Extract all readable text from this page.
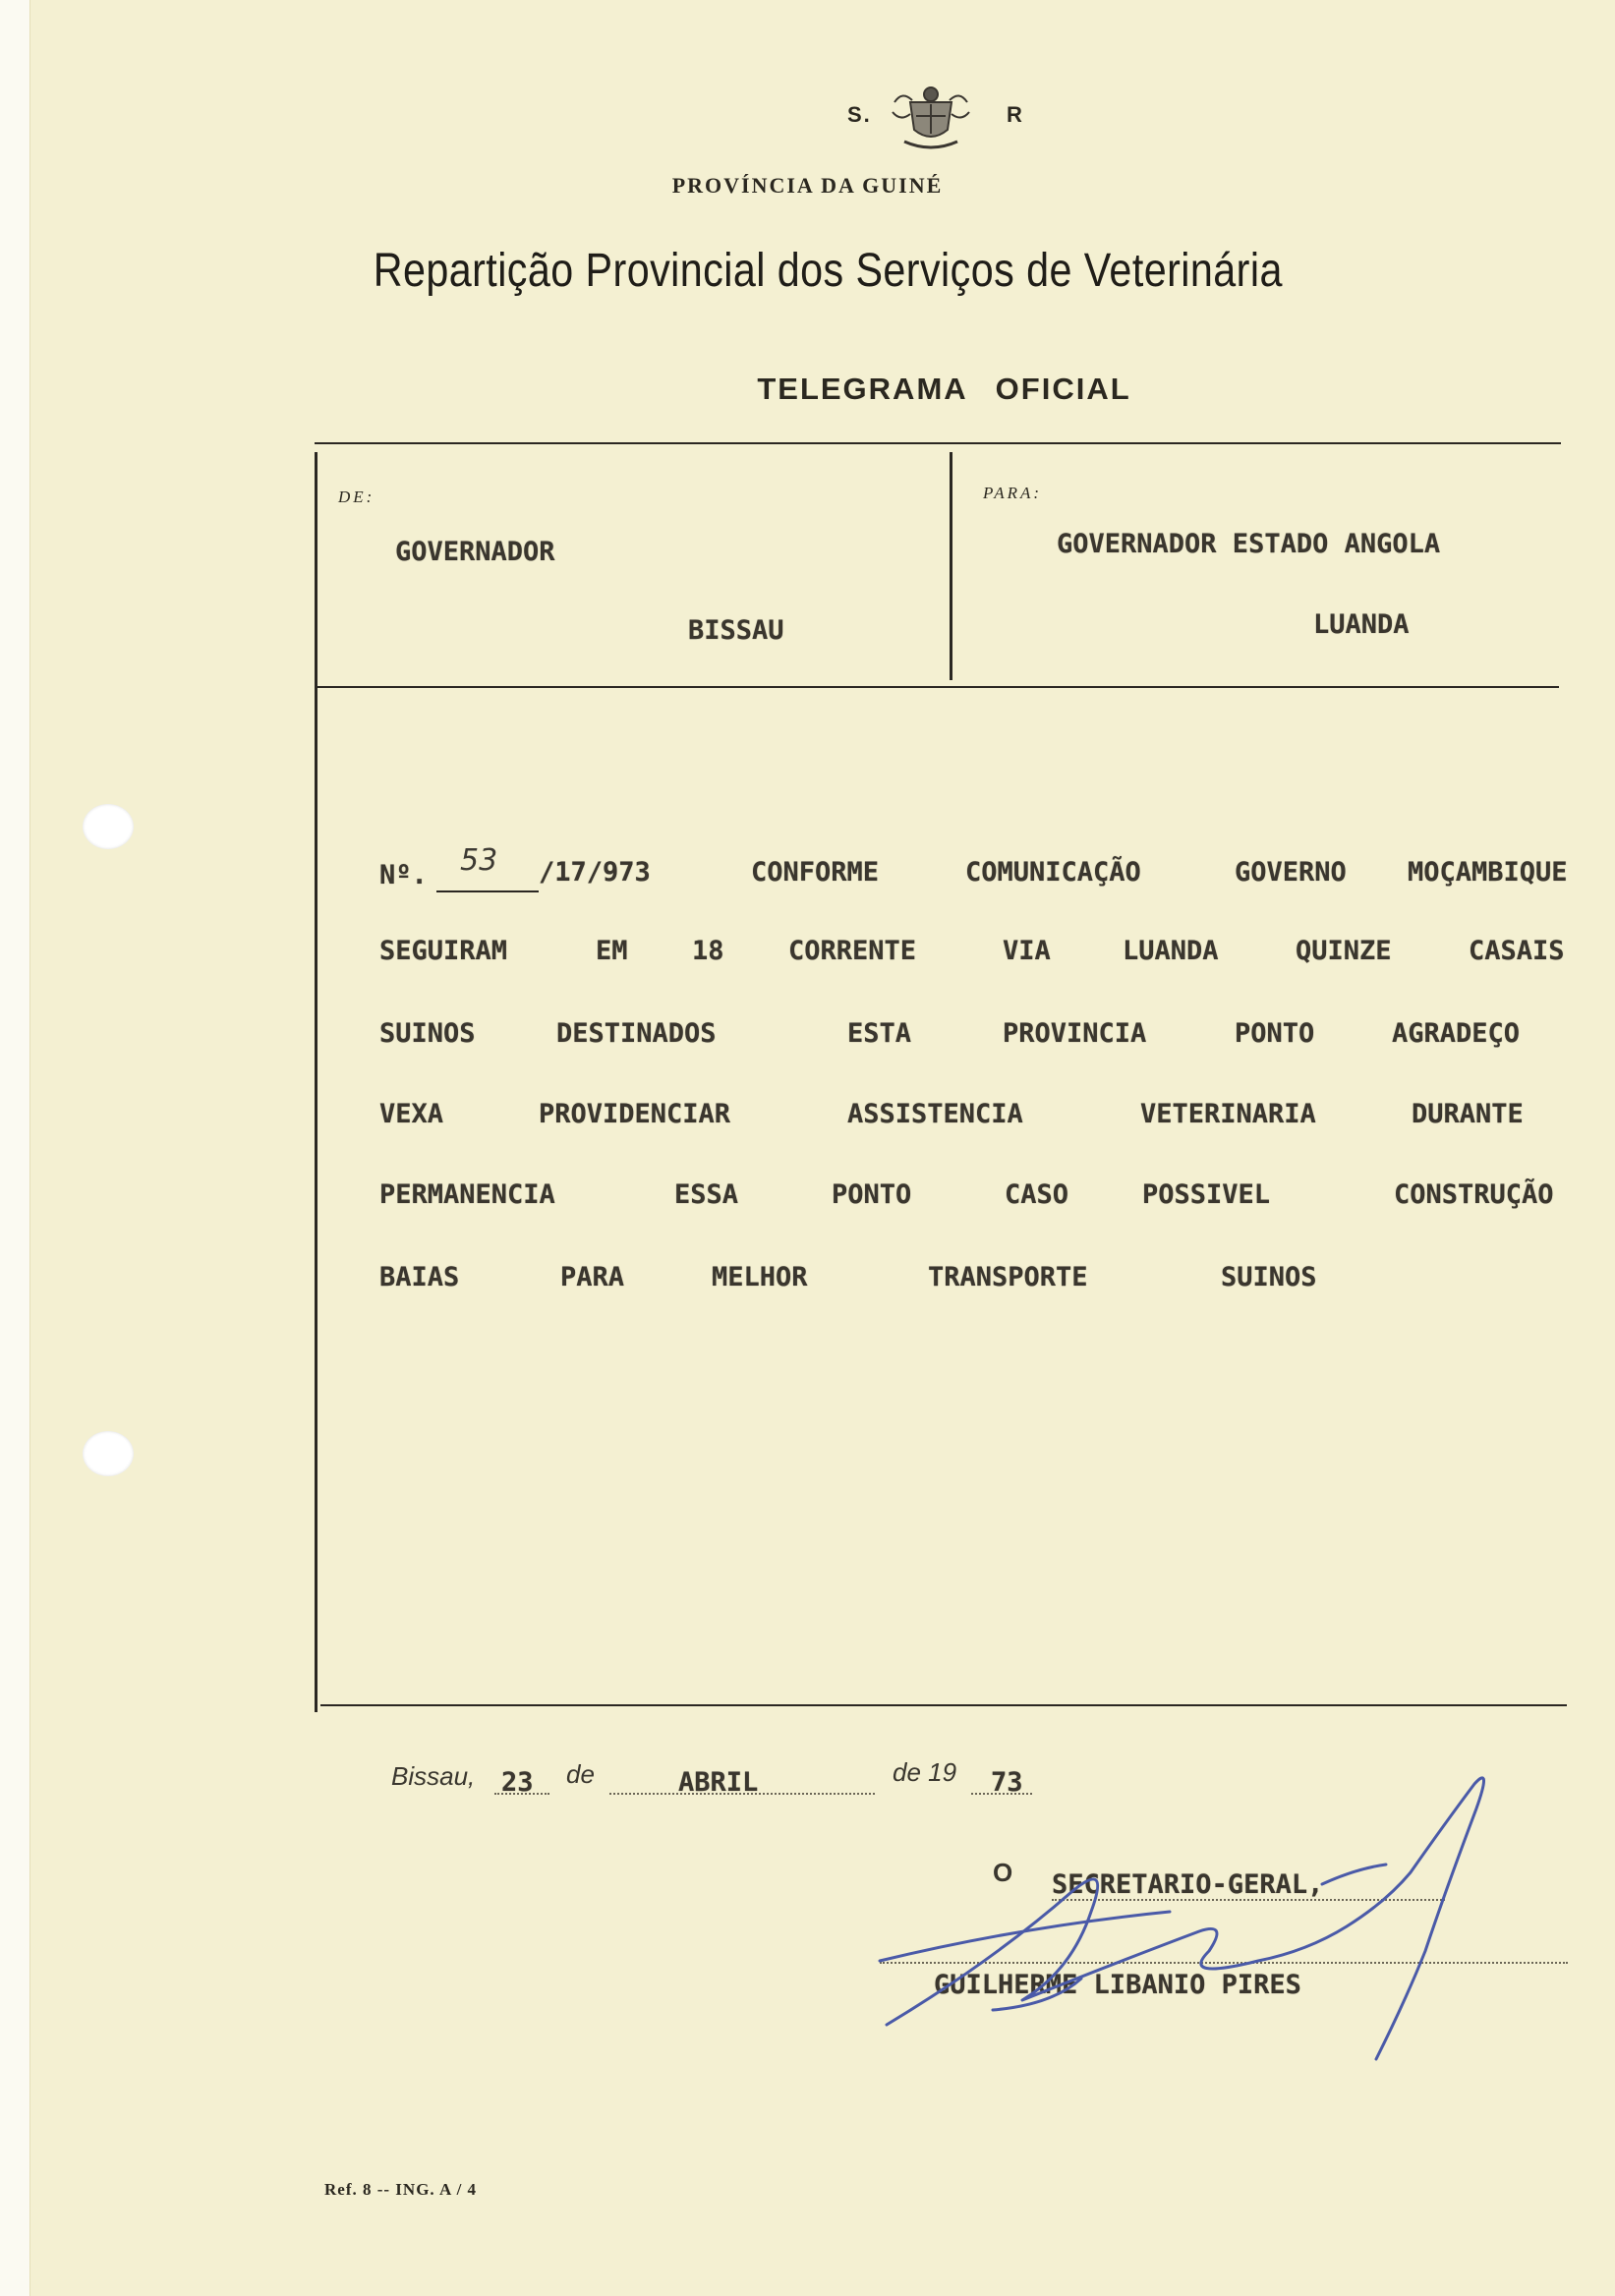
S.	R
PROVÍNCIA DA GUINÉ
Repartição Provincial dos Serviços de Veterinária
TELEGRAMA OFICIAL
DE:
GOVERNADOR
BISSAU
PARA:
GOVERNADOR ESTADO ANGOLA
LUANDA
Nº. 53 /17/973	CONFORME	COMUNICAÇÃO	GOVERNO MOÇAMBIQUE
SEGUIRAM	EM 18 CORRENTE	VIA	LUANDA	QUINZE	CASAIS
SUINOS	DESTINADOS	ESTA	PROVINCIA	PONTO	AGRADEÇO
VEXA	PROVIDENCIAR	ASSISTENCIA	VETERINARIA	DURANTE
PERMANENCIA	ESSA	PONTO	CASO	POSSIVEL	CONSTRUÇÃO
BAIAS	PARA	MELHOR	TRANSPORTE	SUINOS
Bissau, 23 de	ABRIL	de 19 73
O SECRETARIO-GERAL,
GUILHERME LIBANIO PIRES
Ref. 8 -- ING. A / 4
